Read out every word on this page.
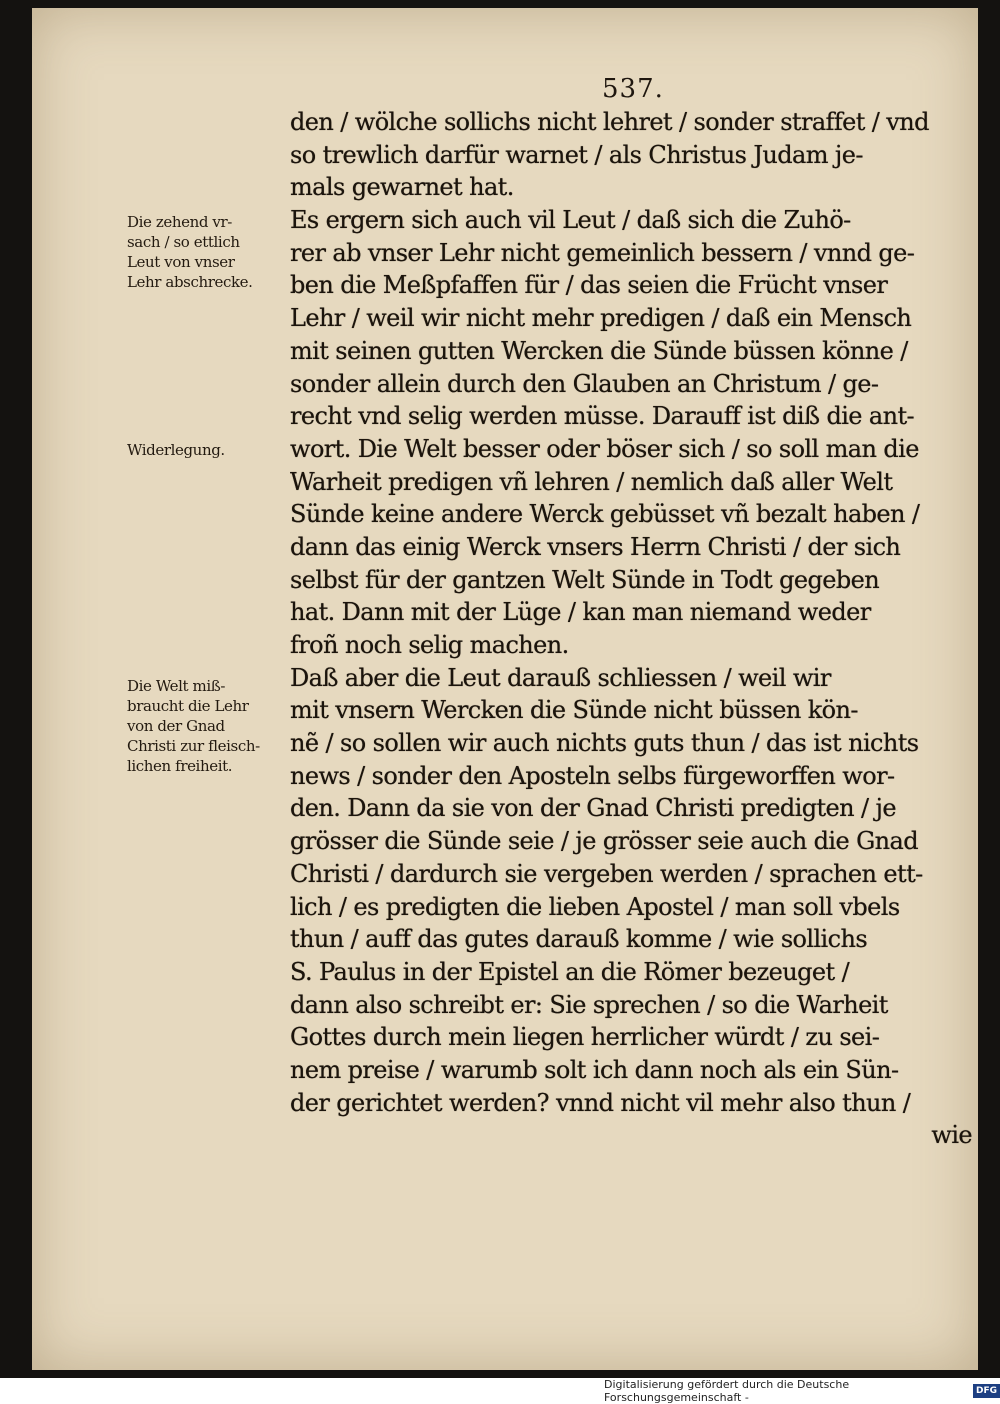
537.
Die zehend vr-
sach / so ettlich
Leut von vnser
Lehr abschrecke.
Widerlegung.
Die Welt miß-
braucht die Lehr
von der Gnad
Christi zur fleisch-
lichen freiheit.
den / wölche sollichs nicht lehret / sonder straffet / vnd
so trewlich darfür warnet / als Christus Judam je-
mals gewarnet hat.
Es ergern sich auch vil Leut / daß sich die Zuhö-
rer ab vnser Lehr nicht gemeinlich bessern / vnnd ge-
ben die Meßpfaffen für / das seien die Frücht vnser
Lehr / weil wir nicht mehr predigen / daß ein Mensch
mit seinen gutten Wercken die Sünde büssen könne /
sonder allein durch den Glauben an Christum / ge-
recht vnd selig werden müsse. Darauff ist diß die ant-
wort. Die Welt besser oder böser sich / so soll man die
Warheit predigen vñ lehren / nemlich daß aller Welt
Sünde keine andere Werck gebüsset vñ bezalt haben /
dann das einig Werck vnsers Herrn Christi / der sich
selbst für der gantzen Welt Sünde in Todt gegeben
hat. Dann mit der Lüge / kan man niemand weder
froñ noch selig machen.
Daß aber die Leut darauß schliessen / weil wir
mit vnsern Wercken die Sünde nicht büssen kön-
nẽ / so sollen wir auch nichts guts thun / das ist nichts
news / sonder den Aposteln selbs fürgeworffen wor-
den. Dann da sie von der Gnad Christi predigten / je
grösser die Sünde seie / je grösser seie auch die Gnad
Christi / dardurch sie vergeben werden / sprachen ett-
lich / es predigten die lieben Apostel / man soll vbels
thun / auff das gutes darauß komme / wie sollichs
S. Paulus in der Epistel an die Römer bezeuget /
dann also schreibt er: Sie sprechen / so die Warheit
Gottes durch mein liegen herrlicher würdt / zu sei-
nem preise / warumb solt ich dann noch als ein Sün-
der gerichtet werden? vnnd nicht vil mehr also thun /
wie
Digitalisierung gefördert durch die Deutsche Forschungsgemeinschaft -	DFG
